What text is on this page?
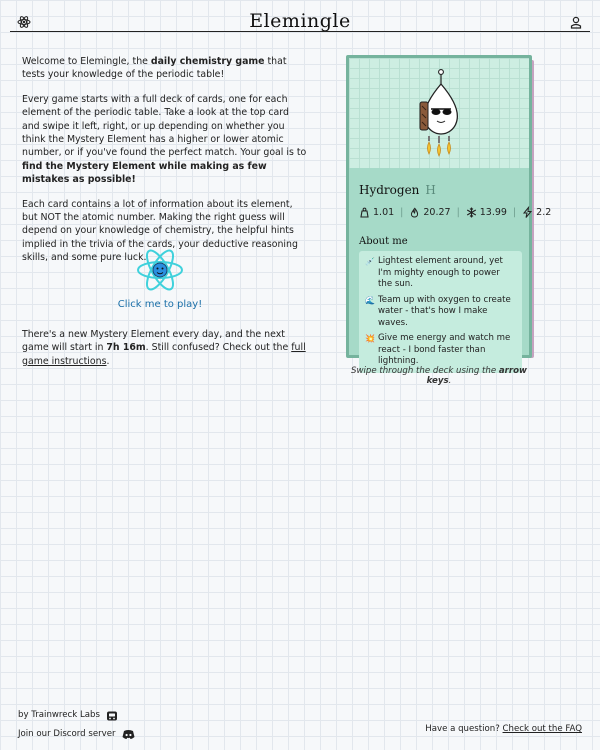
Elemingle

Welcome to Elemingle, the daily chemistry game that tests your knowledge of the periodic table!

Every game starts with a full deck of cards, one for each element of the periodic table. Take a look at the top card and swipe it left, right, or up depending on whether you think the Mystery Element has a higher or lower atomic number, or if you've found the perfect match. Your goal is to find the Mystery Element while making as few mistakes as possible!

Each card contains a lot of information about its element, but NOT the atomic number. Making the right guess will depend on your knowledge of chemistry, the helpful hints implied in the trivia of the cards, your deductive reasoning skills, and some pure luck.

Click me to play!

There's a new Mystery Element every day, and the next game will start in 7h 16m. Still confused? Check out the full game instructions.

Hydrogen H
1.01 | 20.27 | 13.99 | 2.2
About me
💉 Lightest element around, yet I'm mighty enough to power the sun.
🌊 Team up with oxygen to create water - that's how I make waves.
💥 Give me energy and watch me react - I bond faster than lightning.
Swipe through the deck using the arrow keys.
by Trainwreck Labs
Join our Discord server	Have a question? Check out the FAQ
